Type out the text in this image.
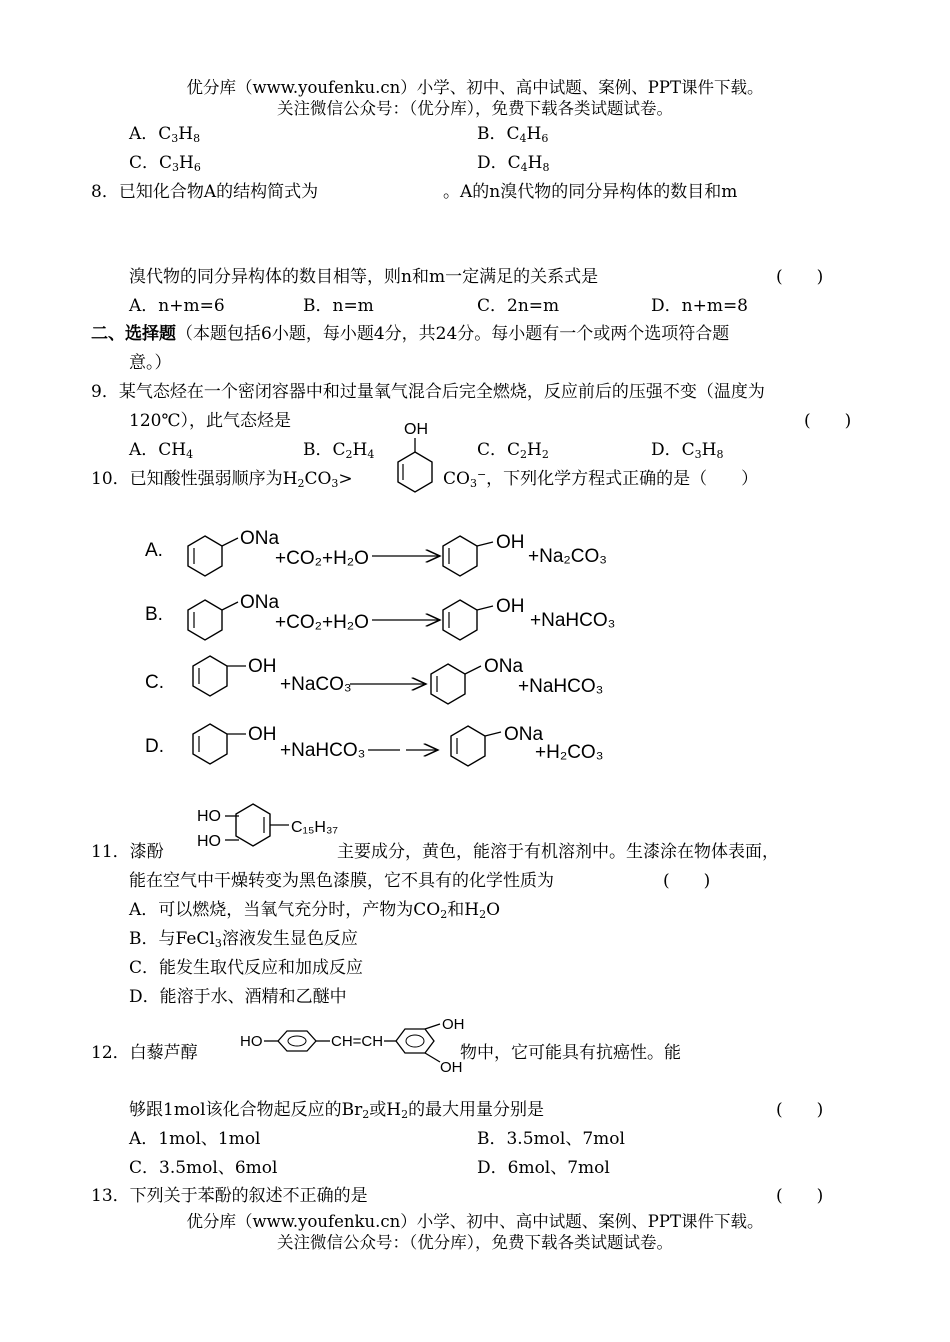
优分库（www.youfenku.cn）小学、初中、高中试题、案例、PPT课件下载。
关注微信公众号：（优分库），免费下载各类试题试卷。
A．$C_3H_8$	B．$C_4H_6$
C．$C_3H_6$	D．$C_4H_8$
8．已知化合物A的结构简式为	。A的n溴代物的同分异构体的数目和m
溴代物的同分异构体的数目相等，则n和m一定满足的关系式是	(　　)
A．n+m=6	B．n=m	C．2n=m	D．n+m=8
二、选择题（本题包括6小题，每小题4分，共24分。每小题有一个或两个选项符合题
意。）
9．某气态烃在一个密闭容器中和过量氧气混合后完全燃烧，反应前后的压强不变（温度为
120℃），此气态烃是	(　　)
A．$CH_4$	B．$C_2H_4$	C．$C_2H_2$	D．$C_3H_8$
10．已知酸性强弱顺序为$H_2CO_3>$
OH
$CO_3^-$，下列化学方程式正确的是（　　）
A.
ONa
+CO₂+H₂O
OH
+Na₂CO₃
B.
ONa
+CO₂+H₂O
OH
+NaHCO₃
C.
OH
+NaCO₃
ONa
+NaHCO₃
D.
OH
+NaHCO₃
ONa
+H₂CO₃
HO
HO
C₁₅H₃₇
11．漆酚	主要成分，黄色，能溶于有机溶剂中。生漆涂在物体表面，
能在空气中干燥转变为黑色漆膜，它不具有的化学性质为	(　　)
A．可以燃烧，当氧气充分时，产物为$CO_2$和$H_2O$
B．与FeCl$_3$溶液发生显色反应
C．能发生取代反应和加成反应
D．能溶于水、酒精和乙醚中
HO	CH=CH
OH
OH
12．白藜芦醇	物中，它可能具有抗癌性。能
够跟1mol该化合物起反应的$Br_2$或$H_2$的最大用量分别是	(　　)
A．1mol、1mol	B．3.5mol、7mol
C．3.5mol、6mol	D．6mol、7mol
13．下列关于苯酚的叙述不正确的是	(　　)
优分库（www.youfenku.cn）小学、初中、高中试题、案例、PPT课件下载。
关注微信公众号：（优分库），免费下载各类试题试卷。
